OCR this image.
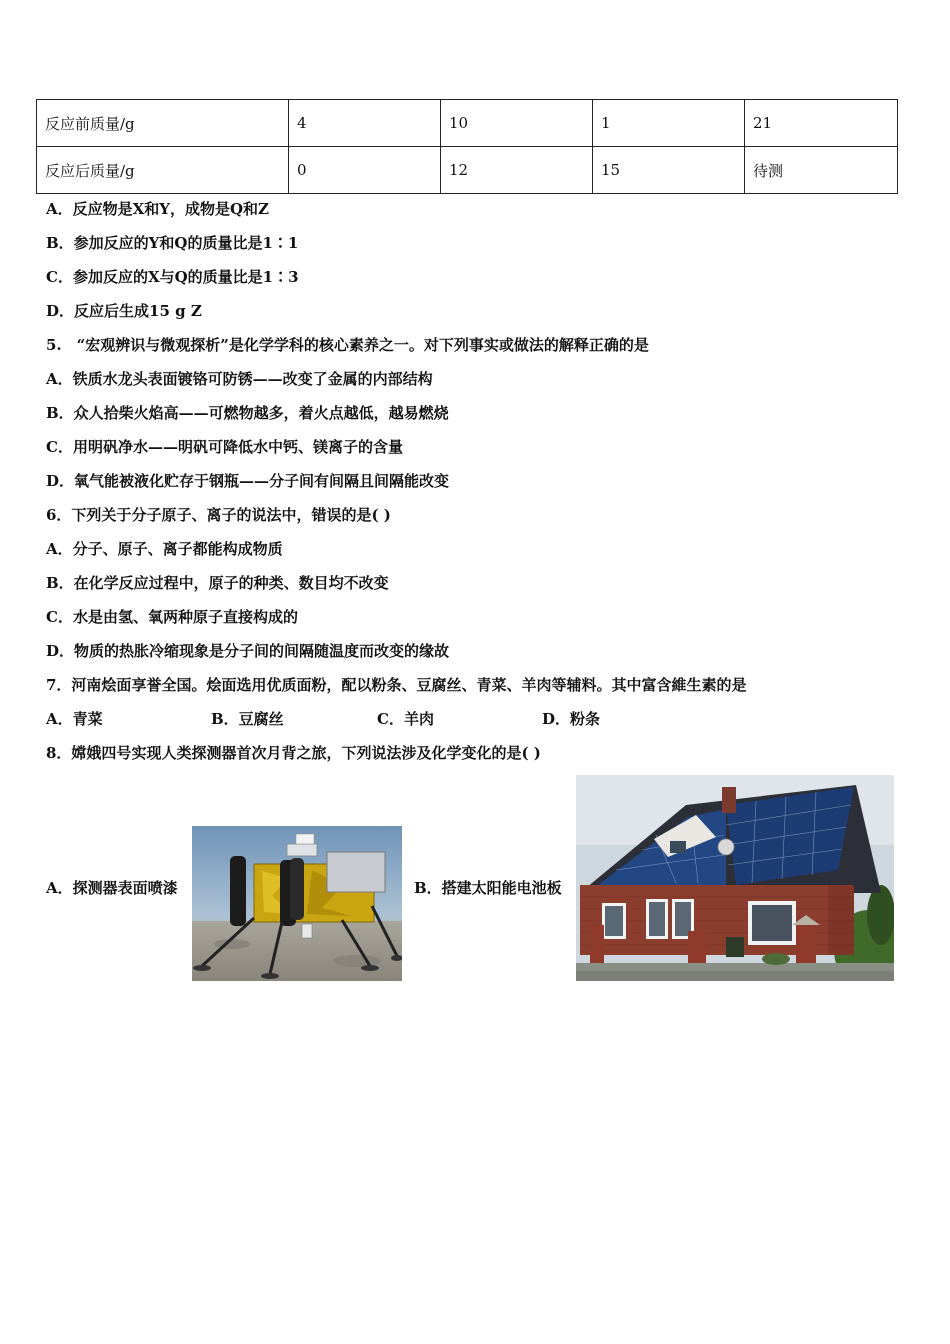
反应前质量/g	4	10	1	21
反应后质量/g	0	12	15	待测
A．反应物是X和Y，成物是Q和Z
B．参加反应的Y和Q的质量比是1∶1
C．参加反应的X与Q的质量比是1∶3
D．反应后生成15 g Z
5.　“宏观辨识与微观探析”是化学学科的核心素养之一。对下列事实或做法的解释正确的是
A．铁质水龙头表面镀铬可防锈——改变了金属的内部结构
B．众人拾柴火焰高——可燃物越多，着火点越低，越易燃烧
C．用明矾净水——明矾可降低水中钙、镁离子的含量
D．氧气能被液化贮存于钢瓶——分子间有间隔且间隔能改变
6．下列关于分子原子、离子的说法中，错误的是( )
A．分子、原子、离子都能构成物质
B．在化学反应过程中，原子的种类、数目均不改变
C．水是由氢、氧两种原子直接构成的
D．物质的热胀冷缩现象是分子间的间隔随温度而改变的缘故
7．河南烩面享誉全国。烩面选用优质面粉，配以粉条、豆腐丝、青菜、羊肉等辅料。其中富含維生素的是
A．青菜	B．豆腐丝	C．羊肉	D．粉条
8．嫦娥四号实现人类探测器首次月背之旅，下列说法涉及化学变化的是( )
A．探测器表面喷漆	B．搭建太阳能电池板
